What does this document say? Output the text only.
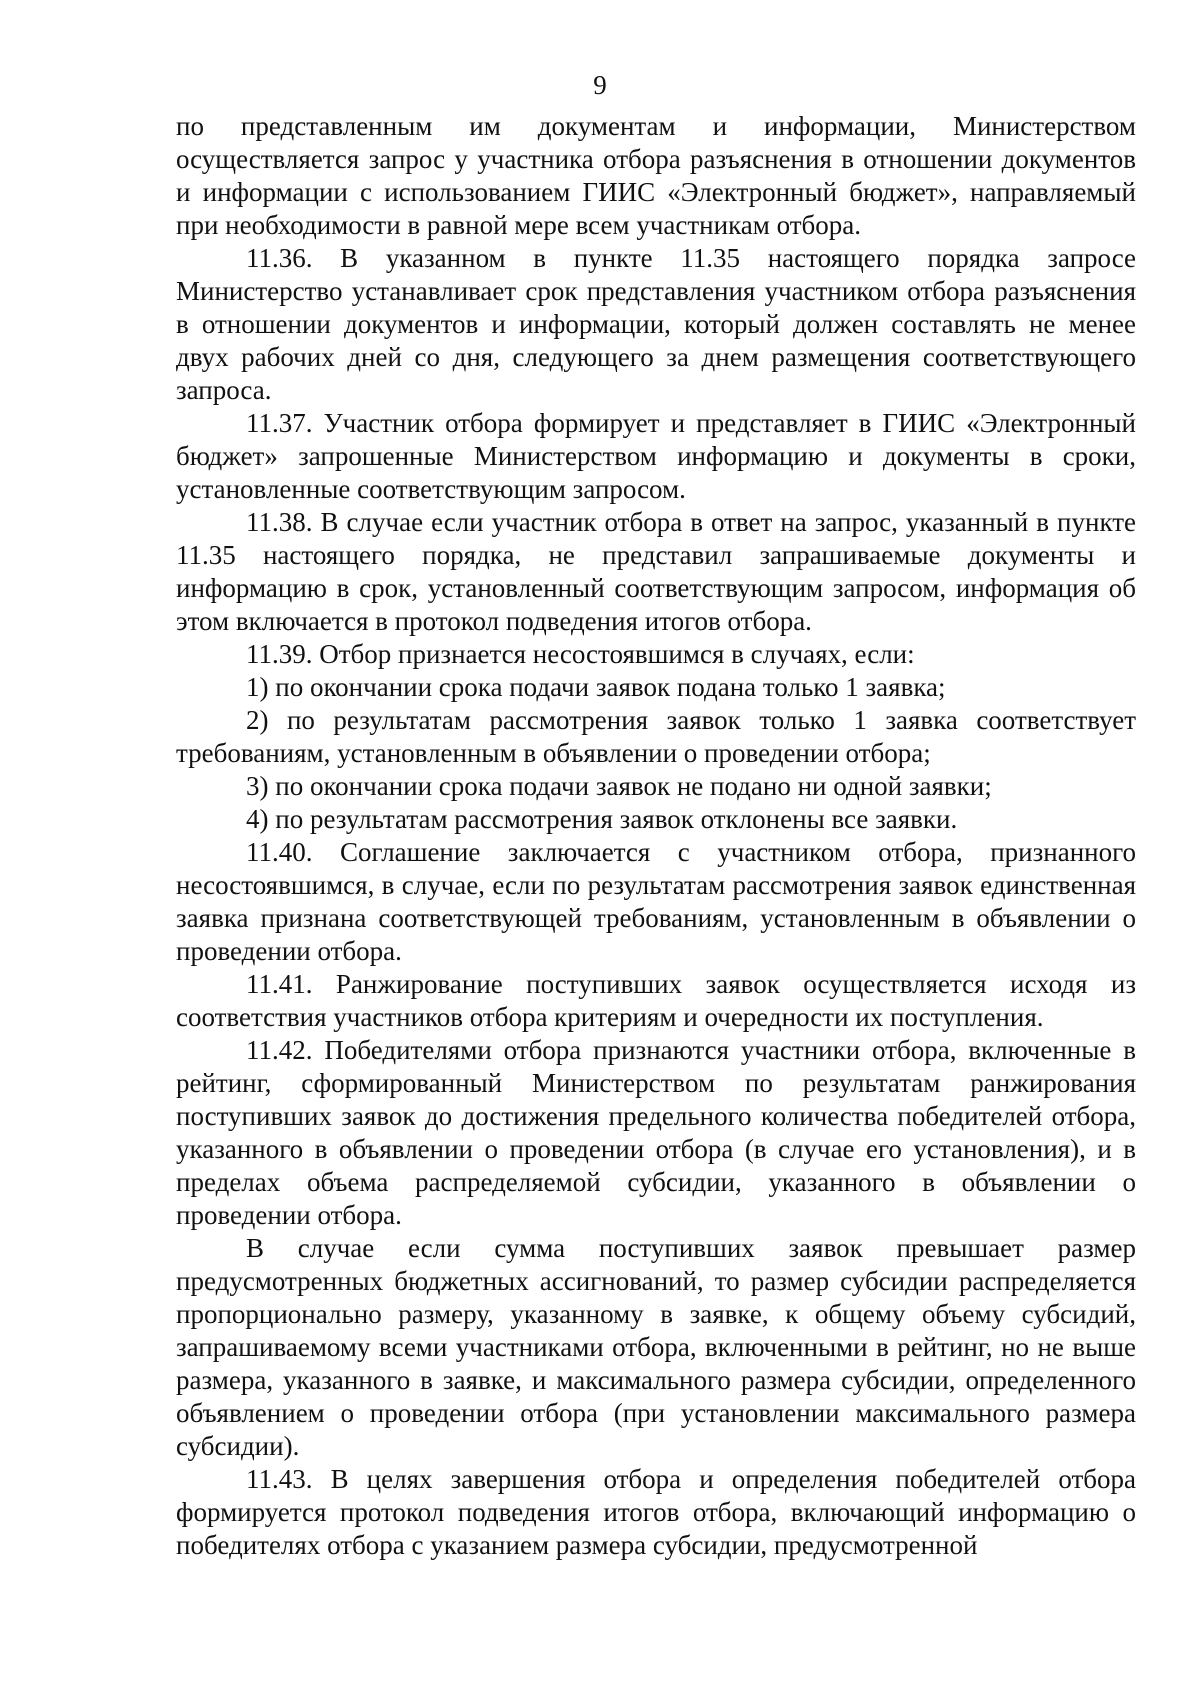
9

по представленным им документам и информации, Министерством осуществляется запрос у участника отбора разъяснения в отношении документов и информации с использованием ГИИС «Электронный бюджет», направляемый при необходимости в равной мере всем участникам отбора.

11.36. В указанном в пункте 11.35 настоящего порядка запросе Министерство устанавливает срок представления участником отбора разъяснения в отношении документов и информации, который должен составлять не менее двух рабочих дней со дня, следующего за днем размещения соответствующего запроса.

11.37. Участник отбора формирует и представляет в ГИИС «Электронный бюджет» запрошенные Министерством информацию и документы в сроки, установленные соответствующим запросом.

11.38. В случае если участник отбора в ответ на запрос, указанный в пункте 11.35 настоящего порядка, не представил запрашиваемые документы и информацию в срок, установленный соответствующим запросом, информация об этом включается в протокол подведения итогов отбора.

11.39. Отбор признается несостоявшимся в случаях, если:

1) по окончании срока подачи заявок подана только 1 заявка;

2) по результатам рассмотрения заявок только 1 заявка соответствует требованиям, установленным в объявлении о проведении отбора;

3) по окончании срока подачи заявок не подано ни одной заявки;

4) по результатам рассмотрения заявок отклонены все заявки.

11.40. Соглашение заключается с участником отбора, признанного несостоявшимся, в случае, если по результатам рассмотрения заявок единственная заявка признана соответствующей требованиям, установленным в объявлении о проведении отбора.

11.41. Ранжирование поступивших заявок осуществляется исходя из соответствия участников отбора критериям и очередности их поступления.

11.42. Победителями отбора признаются участники отбора, включенные в рейтинг, сформированный Министерством по результатам ранжирования поступивших заявок до достижения предельного количества победителей отбора, указанного в объявлении о проведении отбора (в случае его установления), и в пределах объема распределяемой субсидии, указанного в объявлении о проведении отбора.

В случае если сумма поступивших заявок превышает размер предусмотренных бюджетных ассигнований, то размер субсидии распределяется пропорционально размеру, указанному в заявке, к общему объему субсидий, запрашиваемому всеми участниками отбора, включенными в рейтинг, но не выше размера, указанного в заявке, и максимального размера субсидии, определенного объявлением о проведении отбора (при установлении максимального размера субсидии).

11.43. В целях завершения отбора и определения победителей отбора формируется протокол подведения итогов отбора, включающий информацию о победителях отбора с указанием размера субсидии, предусмотренной
